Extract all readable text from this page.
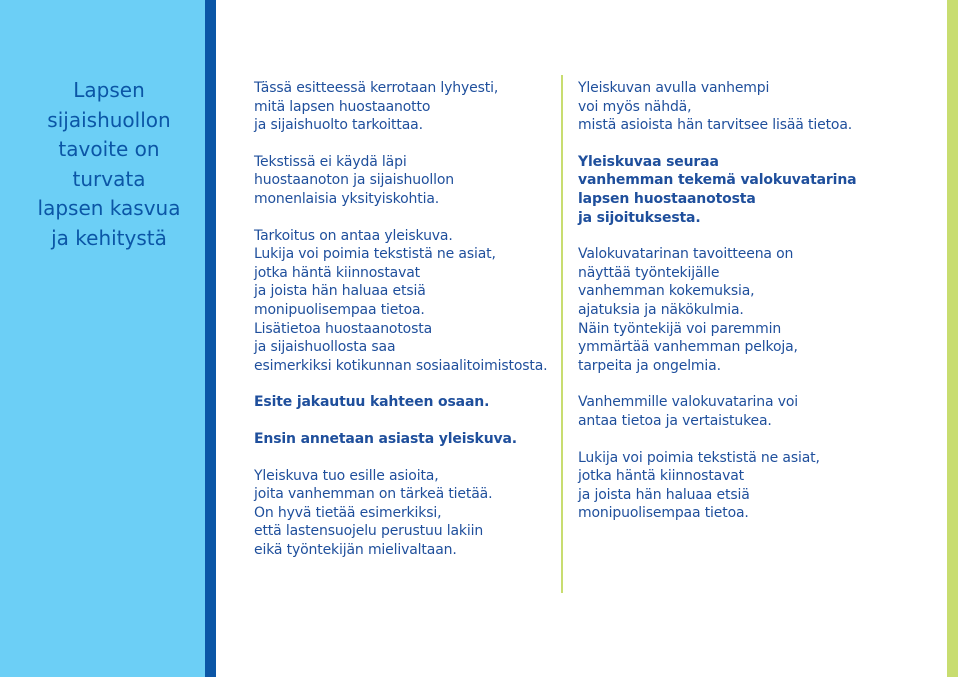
Lapsen
sijaishuollon
tavoite on
turvata
lapsen kasvua
ja kehitystä

Tässä esitteessä kerrotaan lyhyesti,
mitä lapsen huostaanotto
ja sijaishuolto tarkoittaa.

Tekstissä ei käydä läpi
huostaanoton ja sijaishuollon
monenlaisia yksityiskohtia.

Tarkoitus on antaa yleiskuva.
Lukija voi poimia tekstistä ne asiat,
jotka häntä kiinnostavat
ja joista hän haluaa etsiä
monipuolisempaa tietoa.
Lisätietoa huostaanotosta
ja sijaishuollosta saa
esimerkiksi kotikunnan sosiaalitoimistosta.

Esite jakautuu kahteen osaan.

Ensin annetaan asiasta yleiskuva.

Yleiskuva tuo esille asioita,
joita vanhemman on tärkeä tietää.
On hyvä tietää esimerkiksi,
että lastensuojelu perustuu lakiin
eikä työntekijän mielivaltaan.

Yleiskuvan avulla vanhempi
voi myös nähdä,
mistä asioista hän tarvitsee lisää tietoa.

Yleiskuvaa seuraa
vanhemman tekemä valokuvatarina
lapsen huostaanotosta
ja sijoituksesta.

Valokuvatarinan tavoitteena on
näyttää työntekijälle
vanhemman kokemuksia,
ajatuksia ja näkökulmia.
Näin työntekijä voi paremmin
ymmärtää vanhemman pelkoja,
tarpeita ja ongelmia.

Vanhemmille valokuvatarina voi
antaa tietoa ja vertaistukea.

Lukija voi poimia tekstistä ne asiat,
jotka häntä kiinnostavat
ja joista hän haluaa etsiä
monipuolisempaa tietoa.
